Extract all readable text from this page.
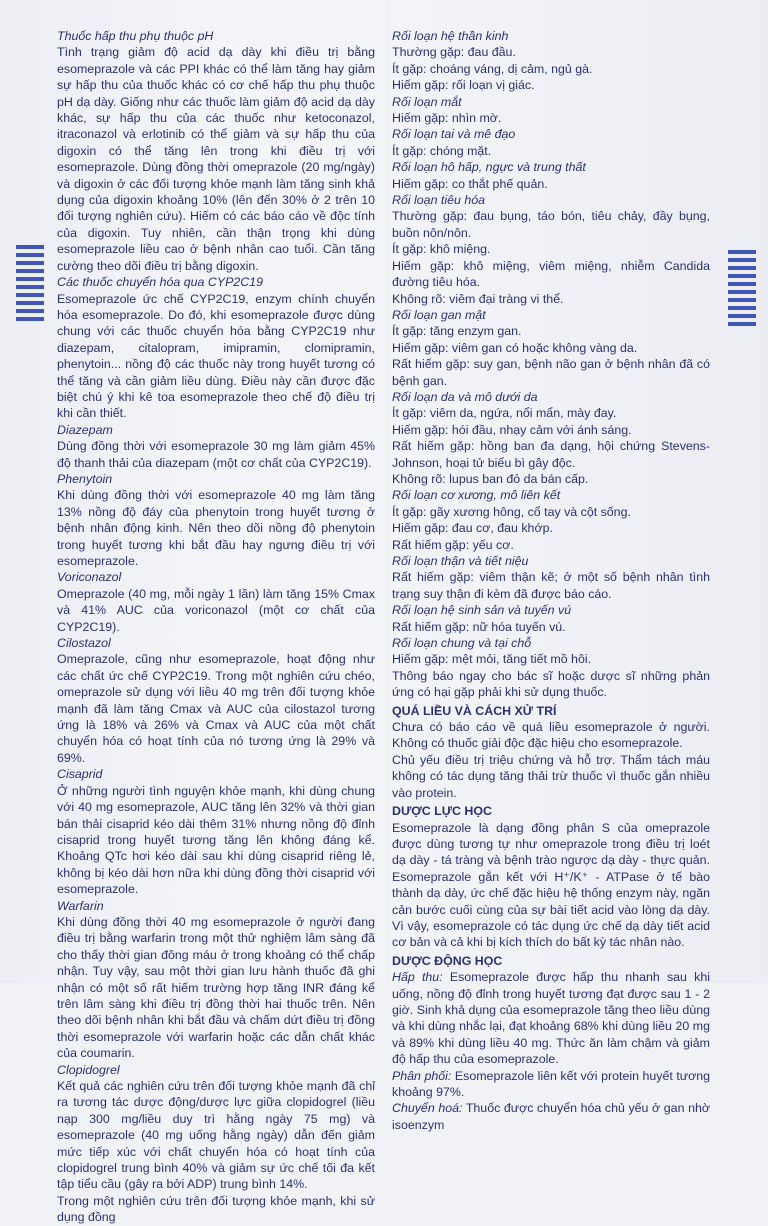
Thuốc hấp thu phụ thuộc pH

Tình trạng giảm độ acid dạ dày khi điều trị bằng esomeprazole và các PPI khác có thể làm tăng hay giảm sự hấp thu của thuốc khác có cơ chế hấp thu phụ thuộc pH dạ dày. Giống như các thuốc làm giảm độ acid dạ dày khác, sự hấp thu của các thuốc như ketoconazol, itraconazol và erlotinib có thể giảm và sự hấp thu của digoxin có thể tăng lên trong khi điều trị với esomeprazole. Dùng đồng thời omeprazole (20 mg/ngày) và digoxin ở các đối tượng khỏe mạnh làm tăng sinh khả dụng của digoxin khoảng 10% (lên đến 30% ở 2 trên 10 đối tượng nghiên cứu). Hiếm có các báo cáo về độc tính của digoxin. Tuy nhiên, cần thận trọng khi dùng esomeprazole liều cao ở bệnh nhân cao tuổi. Cần tăng cường theo dõi điều trị bằng digoxin.

Các thuốc chuyển hóa qua CYP2C19

Esomeprazole ức chế CYP2C19, enzym chính chuyển hóa esomeprazole. Do đó, khi esomeprazole được dùng chung với các thuốc chuyển hóa bằng CYP2C19 như diazepam, citalopram, imipramin, clomipramin, phenytoin... nồng độ các thuốc này trong huyết tương có thể tăng và cần giảm liều dùng. Điều này cần được đặc biệt chú ý khi kê toa esomeprazole theo chế độ điều trị khi cần thiết.

Diazepam

Dùng đồng thời với esomeprazole 30 mg làm giảm 45% độ thanh thải của diazepam (một cơ chất của CYP2C19).

Phenytoin

Khi dùng đồng thời với esomeprazole 40 mg làm tăng 13% nồng độ đáy của phenytoin trong huyết tương ở bệnh nhân động kinh. Nên theo dõi nồng độ phenytoin trong huyết tương khi bắt đầu hay ngưng điều trị với esomeprazole.

Voriconazol

Omeprazole (40 mg, mỗi ngày 1 lần) làm tăng 15% Cmax và 41% AUC của voriconazol (một cơ chất của CYP2C19).

Cilostazol

Omeprazole, cũng như esomeprazole, hoạt động như các chất ức chế CYP2C19. Trong một nghiên cứu chéo, omeprazole sử dụng với liều 40 mg trên đối tượng khỏe mạnh đã làm tăng Cmax và AUC của cilostazol tương ứng là 18% và 26% và Cmax và AUC của một chất chuyển hóa có hoạt tính của nó tương ứng là 29% và 69%.

Cisaprid

Ở những người tình nguyện khỏe mạnh, khi dùng chung với 40 mg esomeprazole, AUC tăng lên 32% và thời gian bán thải cisaprid kéo dài thêm 31% nhưng nồng độ đỉnh cisaprid trong huyết tương tăng lên không đáng kể. Khoảng QTc hơi kéo dài sau khi dùng cisaprid riêng lẻ, không bị kéo dài hơn nữa khi dùng đồng thời cisaprid với esomeprazole.

Warfarin

Khi dùng đồng thời 40 mg esomeprazole ở người đang điều trị bằng warfarin trong một thử nghiệm lâm sàng đã cho thấy thời gian đông máu ở trong khoảng có thể chấp nhận. Tuy vậy, sau một thời gian lưu hành thuốc đã ghi nhận có một số rất hiếm trường hợp tăng INR đáng kể trên lâm sàng khi điều trị đồng thời hai thuốc trên. Nên theo dõi bệnh nhân khi bắt đầu và chấm dứt điều trị đồng thời esomeprazole với warfarin hoặc các dẫn chất khác của coumarin.

Clopidogrel

Kết quả các nghiên cứu trên đối tượng khỏe mạnh đã chỉ ra tương tác dược động/dược lực giữa clopidogrel (liều nạp 300 mg/liều duy trì hằng ngày 75 mg) và esomeprazole (40 mg uống hằng ngày) dẫn đến giảm mức tiếp xúc với chất chuyển hóa có hoạt tính của clopidogrel trung bình 40% và giảm sự ức chế tối đa kết tập tiểu cầu (gây ra bởi ADP) trung bình 14%.

Trong một nghiên cứu trên đối tượng khỏe mạnh, khi sử dụng đồng

Rối loạn hệ thần kinh

Thường gặp: đau đầu.

Ít gặp: choáng váng, dị cảm, ngủ gà.

Hiếm gặp: rối loạn vị giác.

Rối loạn mắt

Hiếm gặp: nhìn mờ.

Rối loạn tai và mê đạo

Ít gặp: chóng mặt.

Rối loạn hô hấp, ngực và trung thất

Hiếm gặp: co thắt phế quản.

Rối loạn tiêu hóa

Thường gặp: đau bụng, táo bón, tiêu chảy, đầy bụng, buồn nôn/nôn.

Ít gặp: khô miệng.

Hiếm gặp: khô miệng, viêm miệng, nhiễm Candida đường tiêu hóa.

Không rõ: viêm đại tràng vi thể.

Rối loạn gan mật

Ít gặp: tăng enzym gan.

Hiếm gặp: viêm gan có hoặc không vàng da.

Rất hiếm gặp: suy gan, bệnh não gan ở bệnh nhân đã có bệnh gan.

Rối loạn da và mô dưới da

Ít gặp: viêm da, ngứa, nổi mẩn, mày đay.

Hiếm gặp: hói đầu, nhạy cảm với ánh sáng.

Rất hiếm gặp: hồng ban đa dạng, hội chứng Stevens-Johnson, hoại tử biểu bì gây độc.

Không rõ: lupus ban đỏ da bán cấp.

Rối loạn cơ xương, mô liên kết

Ít gặp: gãy xương hông, cổ tay và cột sống.

Hiếm gặp: đau cơ, đau khớp.

Rất hiếm gặp: yếu cơ.

Rối loạn thận và tiết niệu

Rất hiếm gặp: viêm thận kẽ; ở một số bệnh nhân tình trạng suy thận đi kèm đã được báo cáo.

Rối loạn hệ sinh sản và tuyến vú

Rất hiếm gặp: nữ hóa tuyến vú.

Rối loạn chung và tại chỗ

Hiếm gặp: mệt mỏi, tăng tiết mồ hôi.

Thông báo ngay cho bác sĩ hoặc dược sĩ những phản ứng có hại gặp phải khi sử dụng thuốc.

QUÁ LIỀU VÀ CÁCH XỬ TRÍ

Chưa có báo cáo về quá liều esomeprazole ở người. Không có thuốc giải độc đặc hiệu cho esomeprazole.

Chủ yếu điều trị triệu chứng và hỗ trợ. Thẩm tách máu không có tác dụng tăng thải trừ thuốc vì thuốc gắn nhiều vào protein.

DƯỢC LỰC HỌC

Esomeprazole là dạng đồng phân S của omeprazole được dùng tương tự như omeprazole trong điều trị loét dạ dày - tá tràng và bệnh trào ngược dạ dày - thực quản. Esomeprazole gắn kết với H⁺/K⁺ - ATPase ở tế bào thành dạ dày, ức chế đặc hiệu hệ thống enzym này, ngăn cản bước cuối cùng của sự bài tiết acid vào lòng dạ dày. Vì vậy, esomeprazole có tác dụng ức chế dạ dày tiết acid cơ bản và cả khi bị kích thích do bất kỳ tác nhân nào.

DƯỢC ĐỘNG HỌC

Hấp thu: Esomeprazole được hấp thu nhanh sau khi uống, nồng độ đỉnh trong huyết tương đạt được sau 1 - 2 giờ. Sinh khả dụng của esomeprazole tăng theo liều dùng và khi dùng nhắc lại, đạt khoảng 68% khi dùng liều 20 mg và 89% khi dùng liều 40 mg. Thức ăn làm chậm và giảm độ hấp thu của esomeprazole.

Phân phối: Esomeprazole liên kết với protein huyết tương khoảng 97%.

Chuyển hoá: Thuốc được chuyển hóa chủ yếu ở gan nhờ isoenzym
